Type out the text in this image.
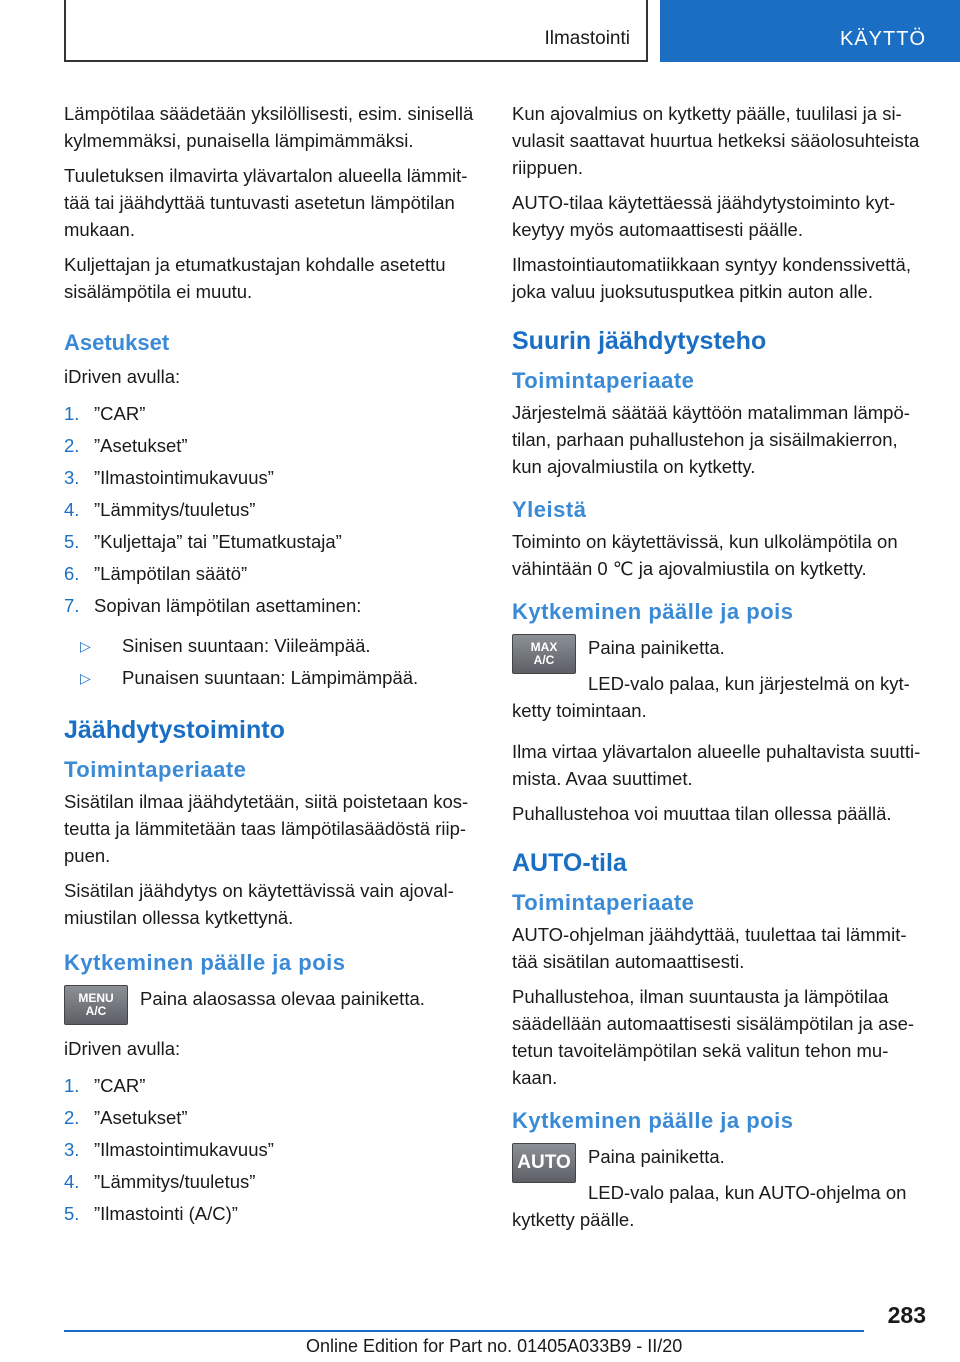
Ilmastointi	KÄYTTÖ

Lämpötilaa säädetään yksilöllisesti, esim. sinisellä kylmemmäksi, punaisella lämpimämmäksi.

Tuuletuksen ilmavirta ylävartalon alueella lämmit- tää tai jäähdyttää tuntuvasti asetetun lämpötilan mukaan.

Kuljettajan ja etumatkustajan kohdalle asetettu sisälämpötila ei muutu.

Asetukset

iDriven avulla:

1. ”CAR”
2. ”Asetukset”
3. ”Ilmastointimukavuus”
4. ”Lämmitys/tuuletus”
5. ”Kuljettaja” tai ”Etumatkustaja”
6. ”Lämpötilan säätö”
7. Sopivan lämpötilan asettaminen:
▷ Sinisen suuntaan: Viileämpää.
▷ Punaisen suuntaan: Lämpimämpää.
Jäähdytystoiminto
Toimintaperiaate

Sisätilan ilmaa jäähdytetään, siitä poistetaan kos- teutta ja lämmitetään taas lämpötilasäädöstä riip- puen.

Sisätilan jäähdytys on käytettävissä vain ajoval- miustilan ollessa kytkettynä.

Kytkeminen päälle ja pois
MENU
A/C
Paina alaosassa olevaa painiketta.

iDriven avulla:

1. ”CAR”
2. ”Asetukset”
3. ”Ilmastointimukavuus”
4. ”Lämmitys/tuuletus”
5. ”Ilmastointi (A/C)”

Kun ajovalmius on kytketty päälle, tuulilasi ja si- vulasit saattavat huurtua hetkeksi sääolosuhteista riippuen.

AUTO-tilaa käytettäessä jäähdytystoiminto kyt- keytyy myös automaattisesti päälle.

Ilmastointiautomatiikkaan syntyy kondenssivettä, joka valuu juoksutusputkea pitkin auton alle.

Suurin jäähdytysteho
Toimintaperiaate

Järjestelmä säätää käyttöön matalimman lämpö- tilan, parhaan puhallustehon ja sisäilmakierron, kun ajovalmiustila on kytketty.

Yleistä

Toiminto on käytettävissä, kun ulkolämpötila on vähintään 0 ℃ ja ajovalmiustila on kytketty.

Kytkeminen päälle ja pois
MAX
A/C
Paina painiketta.

LED-valo palaa, kun järjestelmä on kyt- ketty toimintaan.

Ilma virtaa ylävartalon alueelle puhaltavista suutti- mista. Avaa suuttimet.

Puhallustehoa voi muuttaa tilan ollessa päällä.

AUTO-tila
Toimintaperiaate

AUTO-ohjelman jäähdyttää, tuulettaa tai lämmit- tää sisätilan automaattisesti.

Puhallustehoa, ilman suuntausta ja lämpötilaa säädellään automaattisesti sisälämpötilan ja ase- tetun tavoitelämpötilan sekä valitun tehon mu- kaan.

Kytkeminen päälle ja pois
AUTO Paina painiketta.

LED-valo palaa, kun AUTO-ohjelma on kytketty päälle.

283
Online Edition for Part no. 01405A033B9 - II/20
